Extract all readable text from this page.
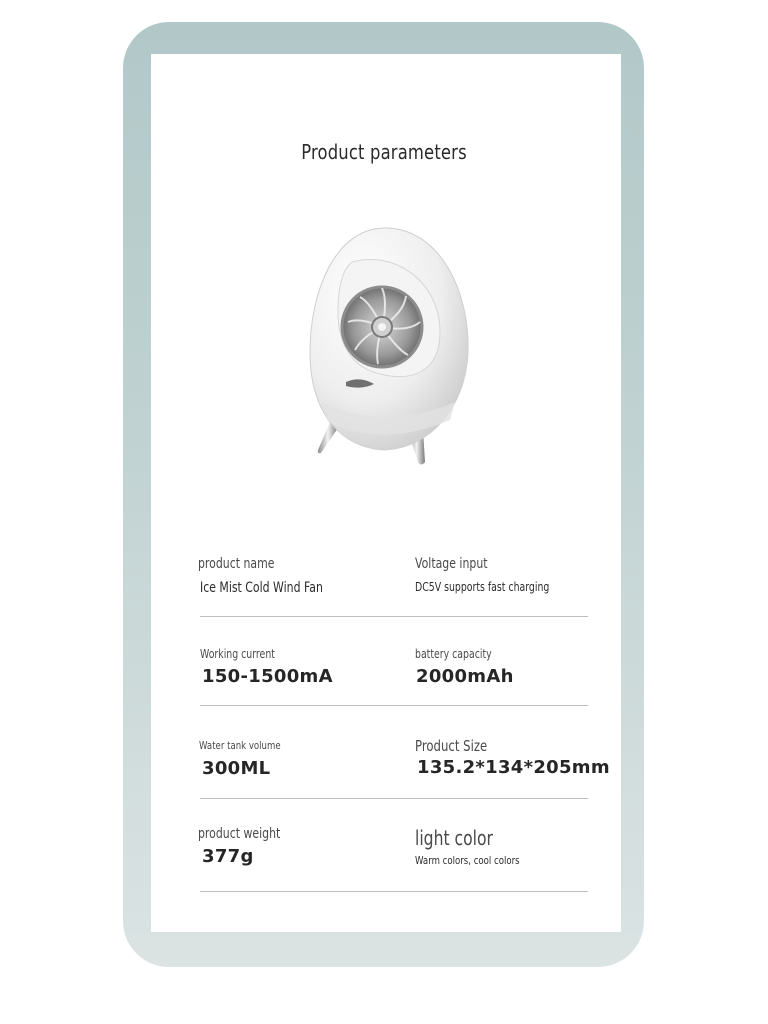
Product parameters
product name
Ice Mist Cold Wind Fan
Voltage input
DC5V supports fast charging
Working current
150-1500mA
battery capacity
2000mAh
Water tank volume
300ML
Product Size
135.2*134*205mm
product weight
377g
light color
Warm colors, cool colors
